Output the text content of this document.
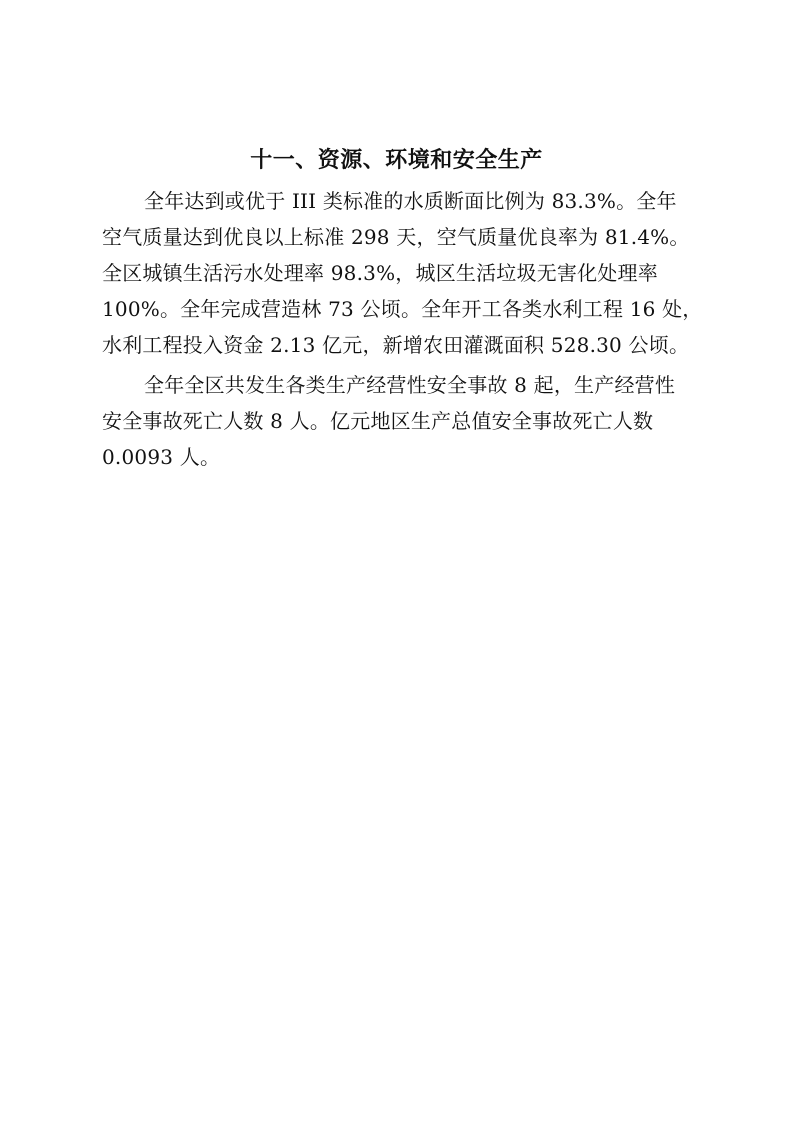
十一、资源、环境和安全生产

全年达到或优于 III 类标准的水质断面比例为 83.3%。全年

空气质量达到优良以上标准 298 天，空气质量优良率为 81.4%。

全区城镇生活污水处理率 98.3%，城区生活垃圾无害化处理率

100%。全年完成营造林 73 公顷。全年开工各类水利工程 16 处，

水利工程投入资金 2.13 亿元，新增农田灌溉面积 528.30 公顷。

全年全区共发生各类生产经营性安全事故 8 起，生产经营性

安全事故死亡人数 8 人。亿元地区生产总值安全事故死亡人数

0.0093 人。
